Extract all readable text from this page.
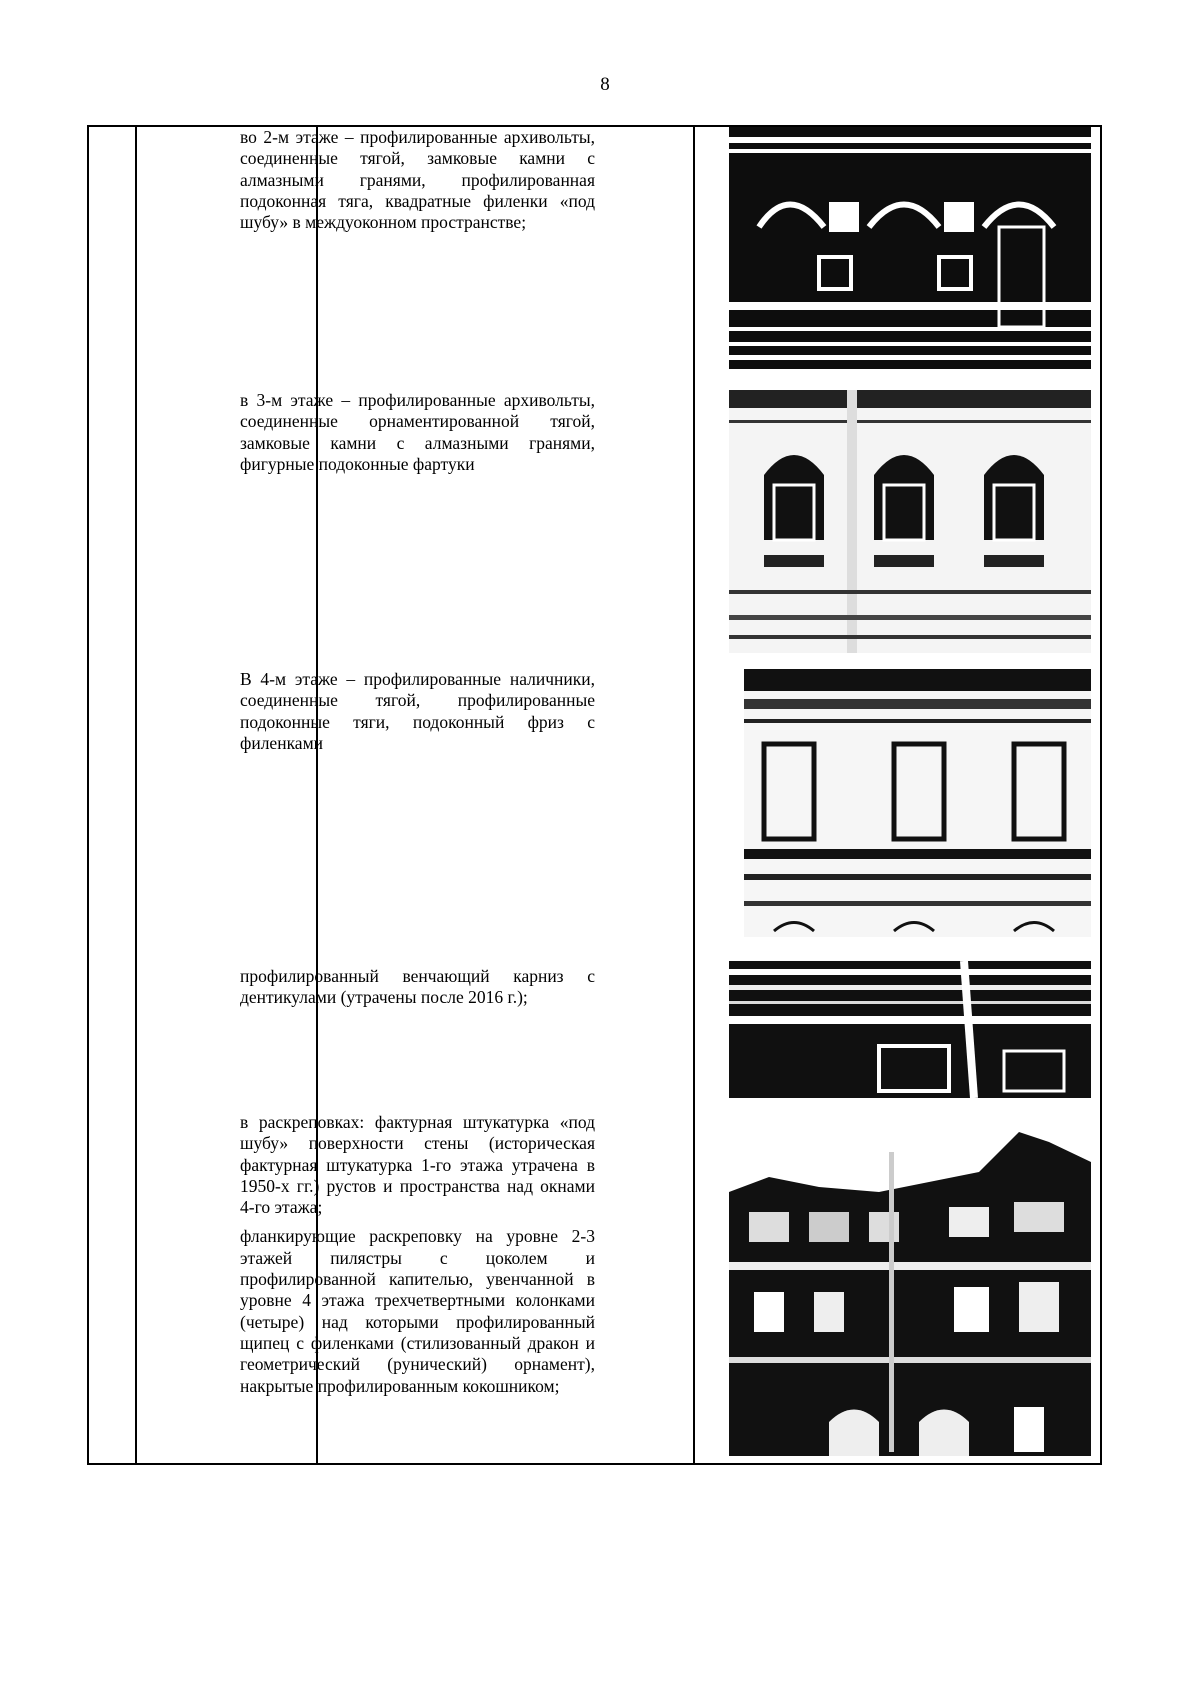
8

во 2-м этаже – профилированные архивольты, соединенные тягой, замковые камни с алмазными гранями, профилированная подоконная тяга, квадратные филенки «под шубу» в междуоконном пространстве;

в 3-м этаже – профилированные архивольты, соединенные орнаментированной тягой, замковые камни с алмазными гранями, фигурные подоконные фартуки

В 4-м этаже – профилированные наличники, соединенные тягой, профилированные подоконные тяги, подоконный фриз с филенками

профилированный венчающий карниз с дентикулами (утрачены после 2016 г.);

в раскреповках: фактурная штукатурка «под шубу» поверхности стены (историческая фактурная штукатурка 1-го этажа утрачена в 1950-х гг.) рустов и пространства над окнами 4-го этажа;

фланкирующие раскреповку на уровне 2-3 этажей пилястры с цоколем и профилированной капителью, увенчанной в уровне 4 этажа трехчетвертными колонками (четыре) над которыми профилированный щипец с филенками (стилизованный дракон и геометрический (рунический) орнамент), накрытые профилированным кокошником;
